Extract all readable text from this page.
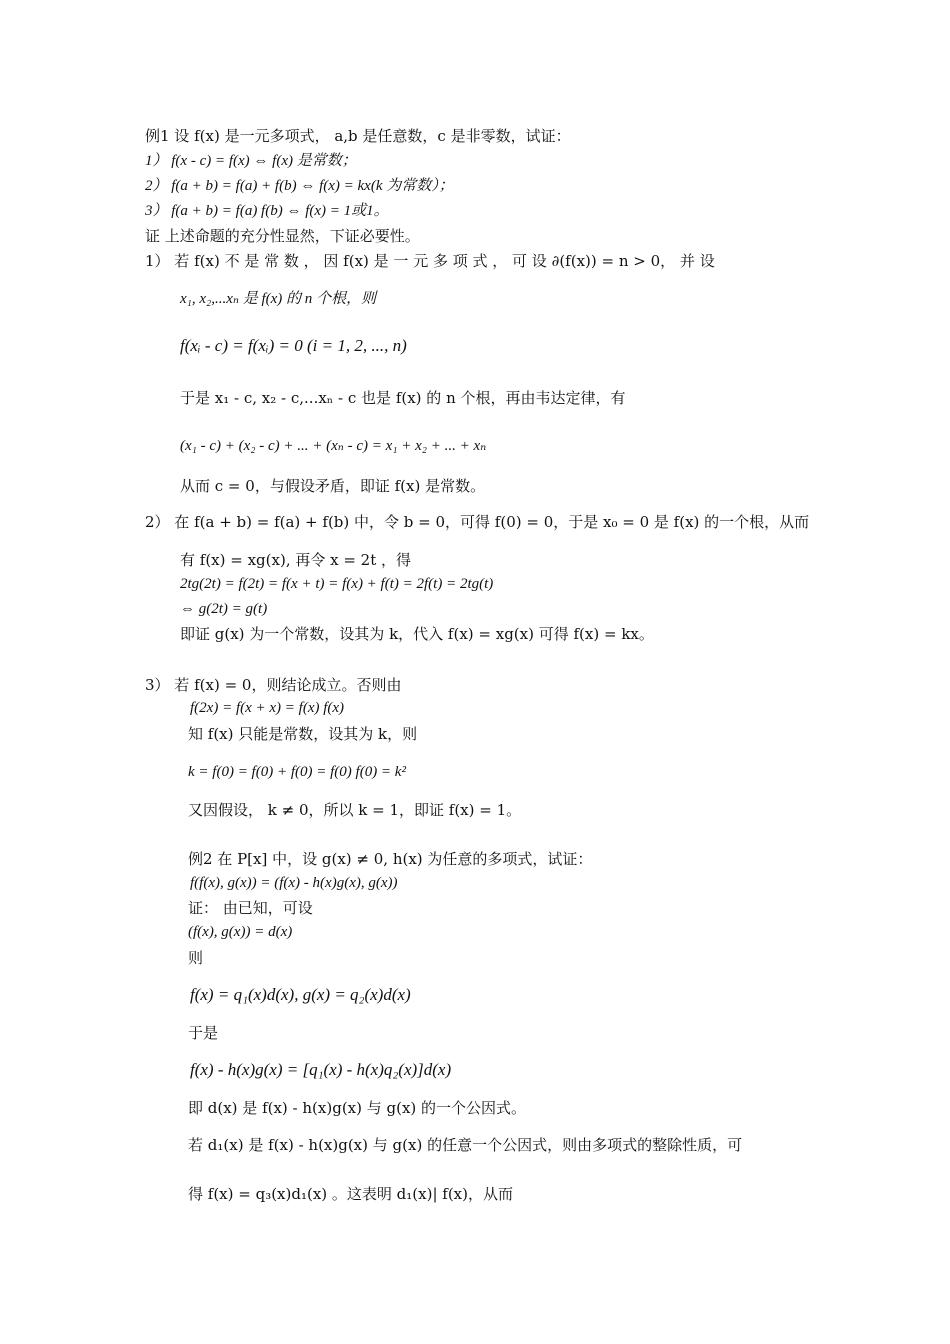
例1 设 f(x) 是一元多项式， a,b 是任意数，c 是非零数，试证：
1） f(x - c) = f(x) ⇔ f(x) 是常数；
2） f(a + b) = f(a) + f(b) ⇔ f(x) = kx(k 为常数）；
3） f(a + b) = f(a) f(b) ⇔ f(x) = 1或1。
证 上述命题的充分性显然，下证必要性。
1） 若 f(x) 不 是 常 数 ， 因 f(x) 是 一 元 多 项 式 ， 可 设 ∂(f(x)) = n > 0， 并 设
x₁, x₂,...xₙ 是 f(x) 的 n 个根，则
f(xᵢ - c) = f(xᵢ) = 0 (i = 1, 2, ..., n)
于是 x₁ - c, x₂ - c,...xₙ - c 也是 f(x) 的 n 个根，再由韦达定律，有
(x₁ - c) + (x₂ - c) + ... + (xₙ - c) = x₁ + x₂ + ... + xₙ
从而 c = 0，与假设矛盾，即证 f(x) 是常数。
2） 在 f(a + b) = f(a) + f(b) 中，令 b = 0，可得 f(0) = 0，于是 x₀ = 0 是 f(x) 的一个根，从而
有 f(x) = xg(x), 再令 x = 2t ，得
2tg(2t) = f(2t) = f(x + t) = f(x) + f(t) = 2f(t) = 2tg(t)
⇔ g(2t) = g(t)
即证 g(x) 为一个常数，设其为 k，代入 f(x) = xg(x) 可得 f(x) = kx。
3） 若 f(x) = 0，则结论成立。否则由
f(2x) = f(x + x) = f(x) f(x)
知 f(x) 只能是常数，设其为 k，则
k = f(0) = f(0) + f(0) = f(0) f(0) = k²
又因假设， k ≠ 0，所以 k = 1，即证 f(x) = 1。
例2 在 P[x] 中，设 g(x) ≠ 0, h(x) 为任意的多项式，试证：
f(f(x), g(x)) = (f(x) - h(x)g(x), g(x))
证： 由已知，可设
(f(x), g(x)) = d(x)
则
f(x) = q₁(x)d(x), g(x) = q₂(x)d(x)
于是
f(x) - h(x)g(x) = [q₁(x) - h(x)q₂(x)]d(x)
即 d(x) 是 f(x) - h(x)g(x) 与 g(x) 的一个公因式。
若 d₁(x) 是 f(x) - h(x)g(x) 与 g(x) 的任意一个公因式，则由多项式的整除性质，可
得 f(x) = q₃(x)d₁(x) 。这表明 d₁(x)| f(x)，从而
